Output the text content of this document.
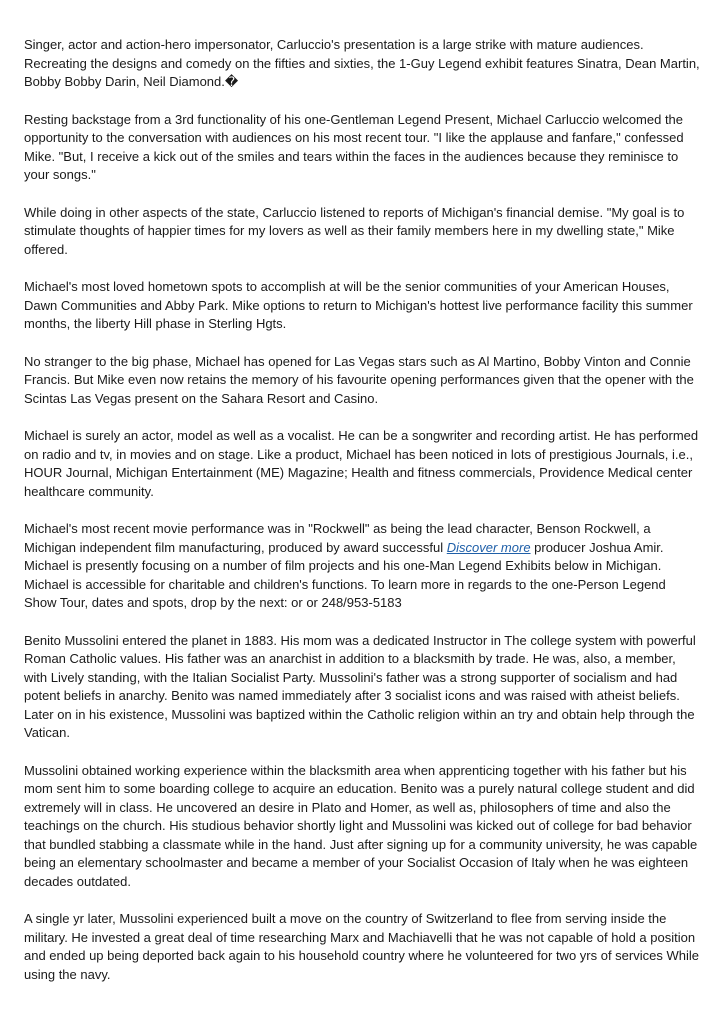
Singer, actor and action-hero impersonator, Carluccio's presentation is a large strike with mature audiences. Recreating the designs and comedy on the fifties and sixties, the 1-Guy Legend exhibit features Sinatra, Dean Martin, Bobby Bobby Darin, Neil Diamond.�

Resting backstage from a 3rd functionality of his one-Gentleman Legend Present, Michael Carluccio welcomed the opportunity to the conversation with audiences on his most recent tour. "I like the applause and fanfare," confessed Mike. "But, I receive a kick out of the smiles and tears within the faces in the audiences because they reminisce to your songs."

While doing in other aspects of the state, Carluccio listened to reports of Michigan's financial demise. "My goal is to stimulate thoughts of happier times for my lovers as well as their family members here in my dwelling state," Mike offered.

Michael's most loved hometown spots to accomplish at will be the senior communities of your American Houses, Dawn Communities and Abby Park. Mike options to return to Michigan's hottest live performance facility this summer months, the liberty Hill phase in Sterling Hgts.

No stranger to the big phase, Michael has opened for Las Vegas stars such as Al Martino, Bobby Vinton and Connie Francis. But Mike even now retains the memory of his favourite opening performances given that the opener with the Scintas Las Vegas present on the Sahara Resort and Casino.

Michael is surely an actor, model as well as a vocalist. He can be a songwriter and recording artist. He has performed on radio and tv, in movies and on stage. Like a product, Michael has been noticed in lots of prestigious Journals, i.e., HOUR Journal, Michigan Entertainment (ME) Magazine; Health and fitness commercials, Providence Medical center healthcare community.

Michael's most recent movie performance was in "Rockwell" as being the lead character, Benson Rockwell, a Michigan independent film manufacturing, produced by award successful Discover more producer Joshua Amir. Michael is presently focusing on a number of film projects and his one-Man Legend Exhibits below in Michigan. Michael is accessible for charitable and children's functions. To learn more in regards to the one-Person Legend Show Tour, dates and spots, drop by the next: or or 248/953-5183

Benito Mussolini entered the planet in 1883. His mom was a dedicated Instructor in The college system with powerful Roman Catholic values. His father was an anarchist in addition to a blacksmith by trade. He was, also, a member, with Lively standing, with the Italian Socialist Party. Mussolini's father was a strong supporter of socialism and had potent beliefs in anarchy. Benito was named immediately after 3 socialist icons and was raised with atheist beliefs. Later on in his existence, Mussolini was baptized within the Catholic religion within an try and obtain help through the Vatican.

Mussolini obtained working experience within the blacksmith area when apprenticing together with his father but his mom sent him to some boarding college to acquire an education. Benito was a purely natural college student and did extremely will in class. He uncovered an desire in Plato and Homer, as well as, philosophers of time and also the teachings on the church. His studious behavior shortly light and Mussolini was kicked out of college for bad behavior that bundled stabbing a classmate while in the hand. Just after signing up for a community university, he was capable being an elementary schoolmaster and became a member of your Socialist Occasion of Italy when he was eighteen decades outdated.

A single yr later, Mussolini experienced built a move on the country of Switzerland to flee from serving inside the military. He invested a great deal of time researching Marx and Machiavelli that he was not capable of hold a position and ended up being deported back again to his household country where he volunteered for two yrs of services While using the navy.
